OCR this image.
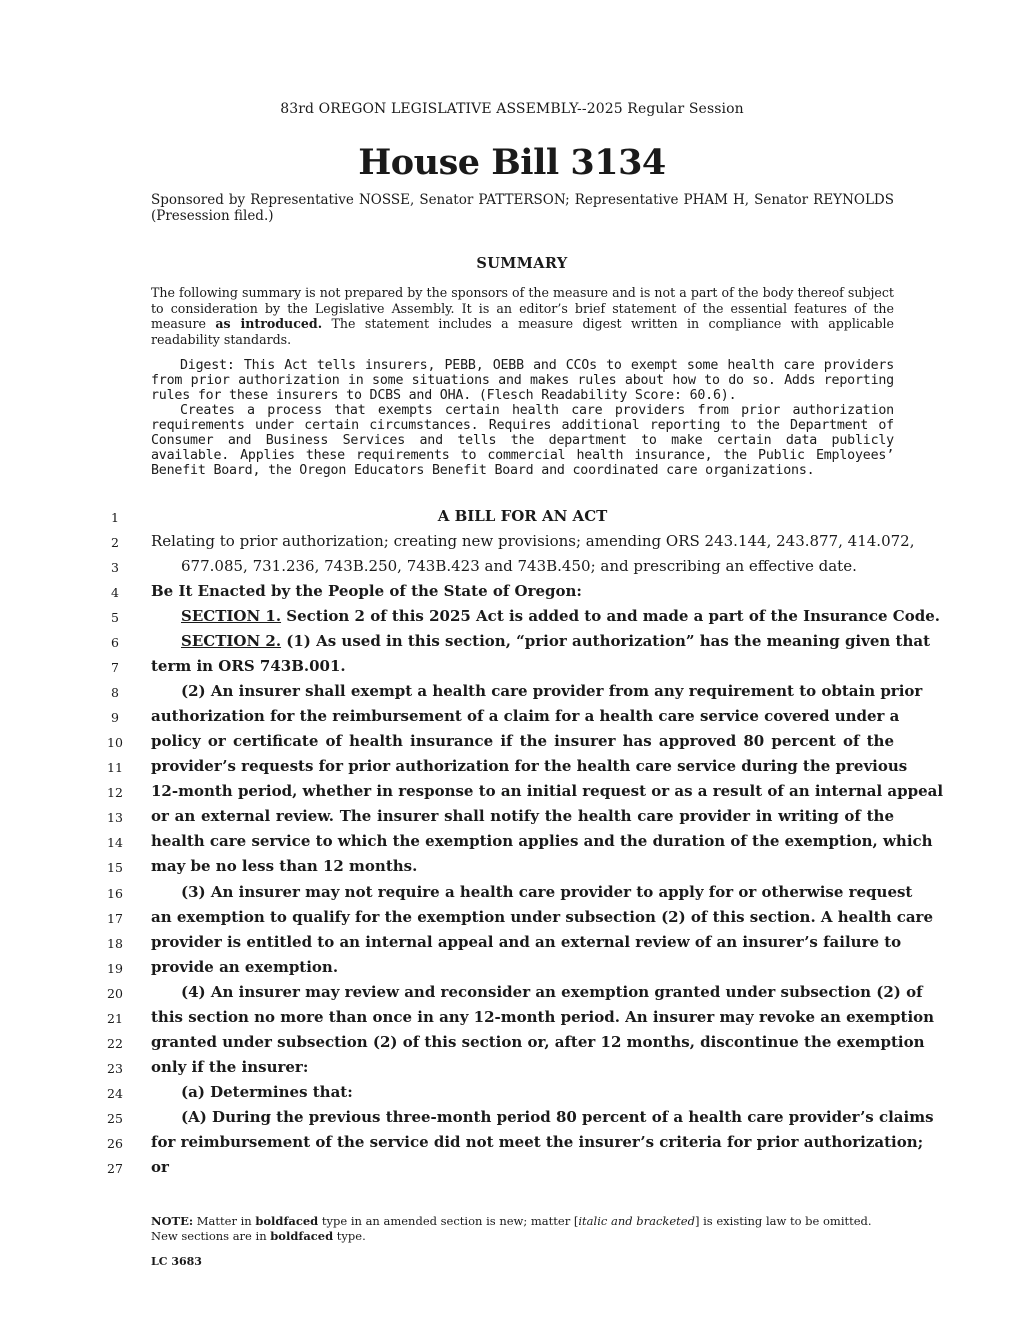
83rd OREGON LEGISLATIVE ASSEMBLY--2025 Regular Session
House Bill 3134
Sponsored by Representative NOSSE, Senator PATTERSON; Representative PHAM H, Senator REYNOLDS (Presession filed.)
SUMMARY
The following summary is not prepared by the sponsors of the measure and is not a part of the body thereof subject to consideration by the Legislative Assembly. It is an editor’s brief statement of the essential features of the measure as introduced. The statement includes a measure digest written in compliance with applicable readability standards.

Digest: This Act tells insurers, PEBB, OEBB and CCOs to exempt some health care providers from prior authorization in some situations and makes rules about how to do so. Adds reporting rules for these insurers to DCBS and OHA. (Flesch Readability Score: 60.6).

Creates a process that exempts certain health care providers from prior authorization requirements under certain circumstances. Requires additional reporting to the Department of Consumer and Business Services and tells the department to make certain data publicly available. Applies these requirements to commercial health insurance, the Public Employees’ Benefit Board, the Oregon Educators Benefit Board and coordinated care organizations.

1
2
3
4
5
6
7
8
9
10
11
12
13
14
15
16
17
18
19
20
21
22
23
24
25
26
27
A BILL FOR AN ACT
Relating to prior authorization; creating new provisions; amending ORS 243.144, 243.877, 414.072,
677.085, 731.236, 743B.250, 743B.423 and 743B.450; and prescribing an effective date.
Be It Enacted by the People of the State of Oregon:
SECTION 1. Section 2 of this 2025 Act is added to and made a part of the Insurance Code.
SECTION 2. (1) As used in this section, “prior authorization” has the meaning given that
term in ORS 743B.001.
(2) An insurer shall exempt a health care provider from any requirement to obtain prior
authorization for the reimbursement of a claim for a health care service covered under a
policy or certificate of health insurance if the insurer has approved 80 percent of the
provider’s requests for prior authorization for the health care service during the previous
12-month period, whether in response to an initial request or as a result of an internal appeal
or an external review. The insurer shall notify the health care provider in writing of the
health care service to which the exemption applies and the duration of the exemption, which
may be no less than 12 months.
(3) An insurer may not require a health care provider to apply for or otherwise request
an exemption to qualify for the exemption under subsection (2) of this section. A health care
provider is entitled to an internal appeal and an external review of an insurer’s failure to
provide an exemption.
(4) An insurer may review and reconsider an exemption granted under subsection (2) of
this section no more than once in any 12-month period. An insurer may revoke an exemption
granted under subsection (2) of this section or, after 12 months, discontinue the exemption
only if the insurer:
(a) Determines that:
(A) During the previous three-month period 80 percent of a health care provider’s claims
for reimbursement of the service did not meet the insurer’s criteria for prior authorization;
or
NOTE: Matter in boldfaced type in an amended section is new; matter [italic and bracketed] is existing law to be omitted.
New sections are in boldfaced type.
LC 3683
